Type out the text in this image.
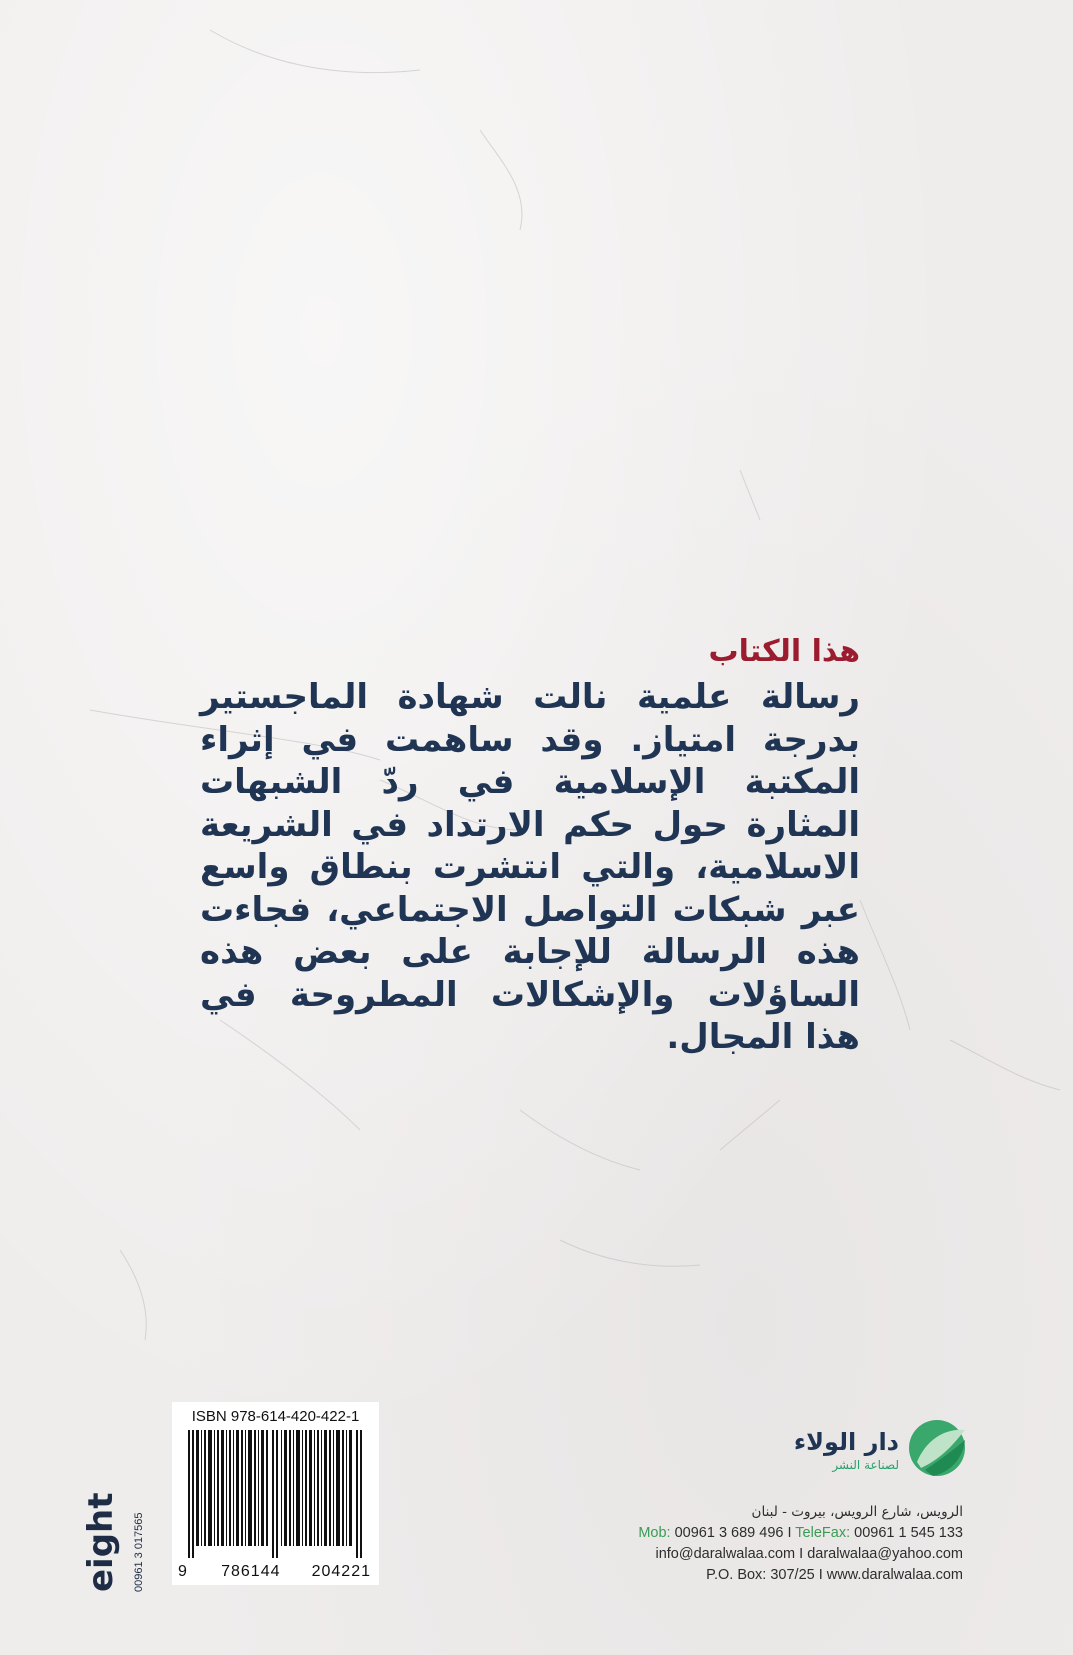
هذا الكتاب

رسالة علمية نالت شهادة الماجستير بدرجة امتياز. وقد ساهمت في إثراء المكتبة الإسلامية في ردّ الشبهات المثارة حول حكم الارتداد في الشريعة الاسلامية، والتي انتشرت بنطاق واسع عبر شبكات التواصل الاجتماعي، فجاءت هذه الرسالة للإجابة على بعض هذه الساؤلات والإشكالات المطروحة في هذا المجال.

ISBN 978-614-420-422-1
9	786144 204221
eight 00961 3 017565
دار الولاء
لصناعة النشر
الرويس، شارع الرويس، بيروت - لبنان
Mob: 00961 3 689 496 I TeleFax: 00961 1 545 133
info@daralwalaa.com I daralwalaa@yahoo.com
P.O. Box: 307/25 I www.daralwalaa.com
